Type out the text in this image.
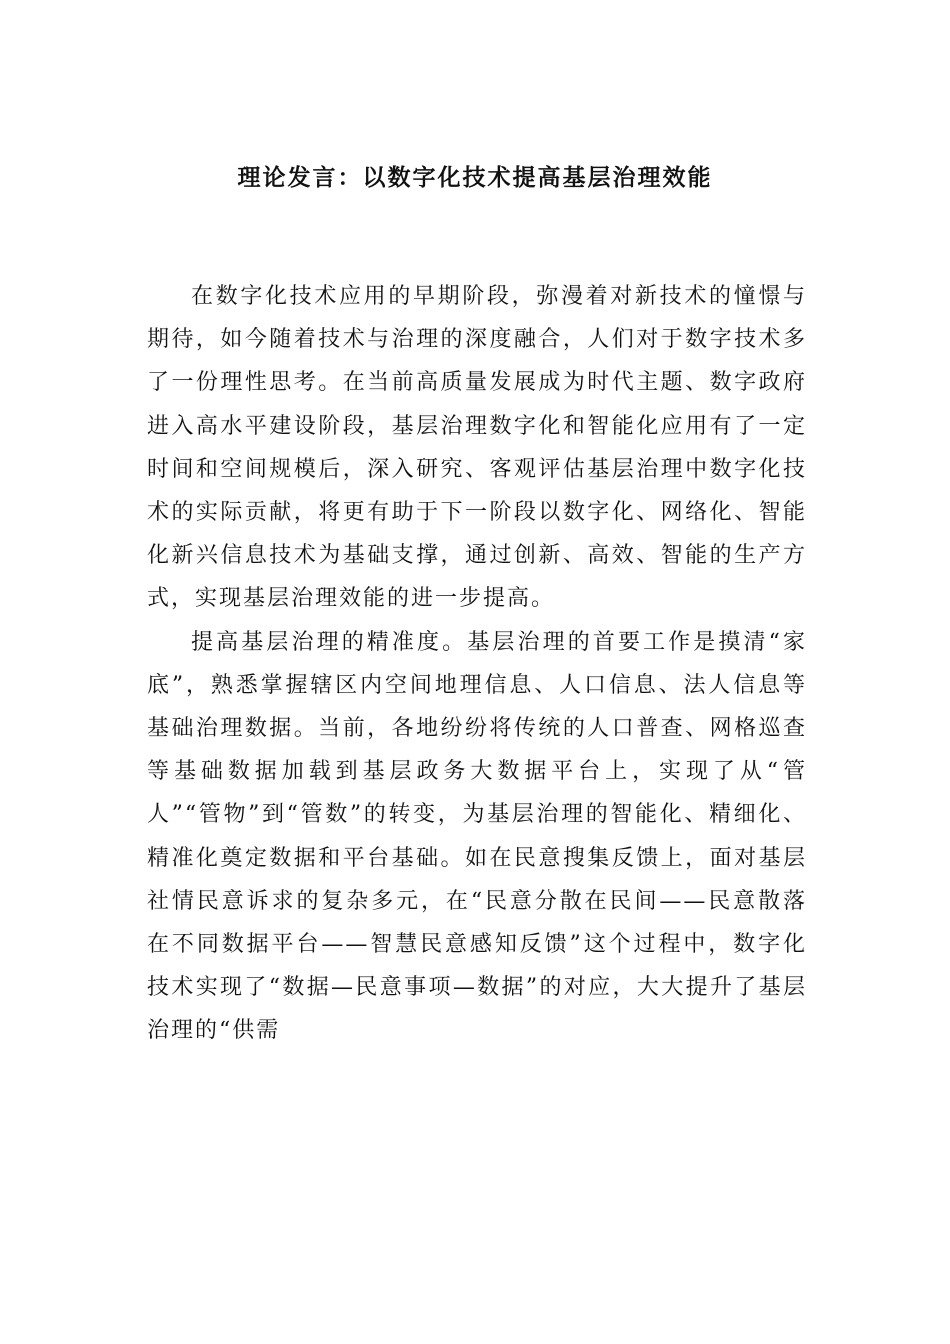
理论发言：以数字化技术提高基层治理效能

在数字化技术应用的早期阶段，弥漫着对新技术的憧憬与期待，如今随着技术与治理的深度融合，人们对于数字技术多了一份理性思考。在当前高质量发展成为时代主题、数字政府进入高水平建设阶段，基层治理数字化和智能化应用有了一定时间和空间规模后，深入研究、客观评估基层治理中数字化技术的实际贡献，将更有助于下一阶段以数字化、网络化、智能化新兴信息技术为基础支撑，通过创新、高效、智能的生产方式，实现基层治理效能的进一步提高。

提高基层治理的精准度。基层治理的首要工作是摸清“家底”，熟悉掌握辖区内空间地理信息、人口信息、法人信息等基础治理数据。当前，各地纷纷将传统的人口普查、网格巡查等基础数据加载到基层政务大数据平台上，实现了从“管人”“管物”到“管数”的转变，为基层治理的智能化、精细化、精准化奠定数据和平台基础。如在民意搜集反馈上，面对基层社情民意诉求的复杂多元，在“民意分散在民间——民意散落在不同数据平台——智慧民意感知反馈”这个过程中，数字化技术实现了“数据—民意事项—数据”的对应，大大提升了基层治理的“供需
